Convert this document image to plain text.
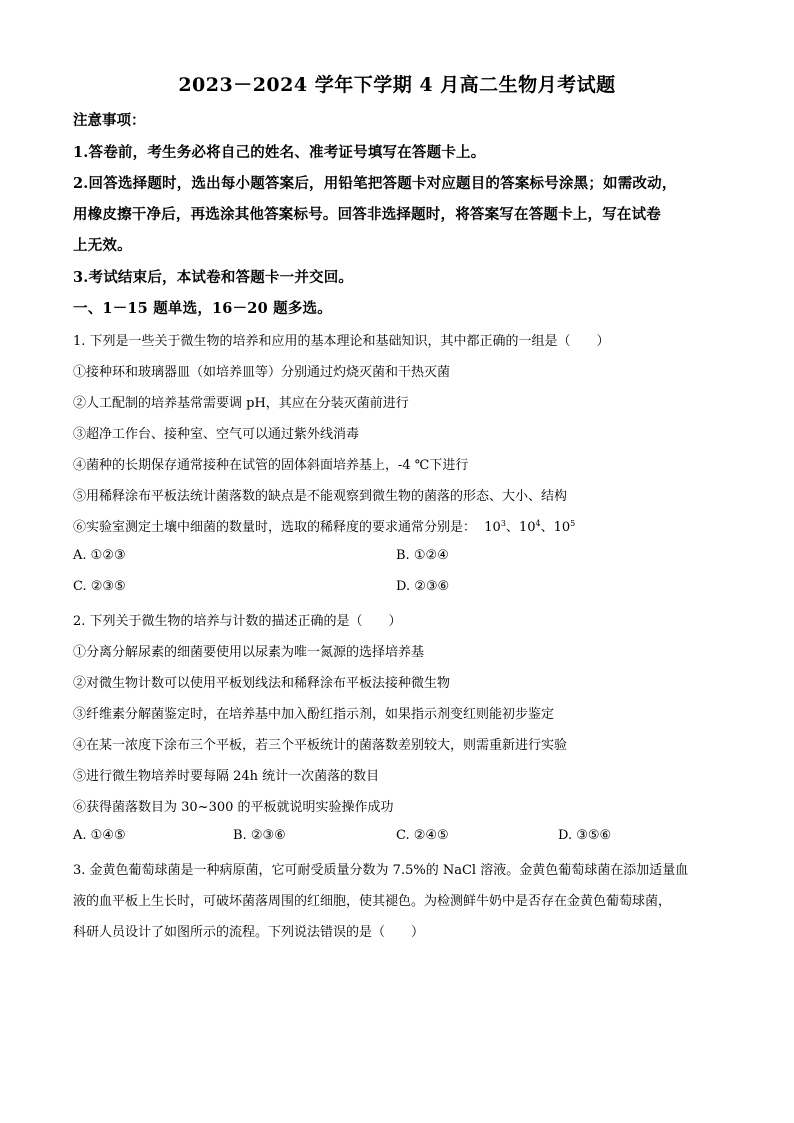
2023－2024 学年下学期 4 月高二生物月考试题
注意事项：
1.答卷前，考生务必将自己的姓名、准考证号填写在答题卡上。
2.回答选择题时，选出每小题答案后，用铅笔把答题卡对应题目的答案标号涂黑；如需改动，
用橡皮擦干净后，再选涂其他答案标号。回答非选择题时，将答案写在答题卡上，写在试卷
上无效。
3.考试结束后，本试卷和答题卡一并交回。
一、1－15 题单选，16－20 题多选。
1. 下列是一些关于微生物的培养和应用的基本理论和基础知识，其中都正确的一组是（　　）
①接种环和玻璃器皿（如培养皿等）分别通过灼烧灭菌和干热灭菌
②人工配制的培养基常需要调 pH，其应在分装灭菌前进行
③超净工作台、接种室、空气可以通过紫外线消毒
④菌种的长期保存通常接种在试管的固体斜面培养基上，-4 ℃下进行
⑤用稀释涂布平板法统计菌落数的缺点是不能观察到微生物的菌落的形态、大小、结构
⑥实验室测定土壤中细菌的数量时，选取的稀释度的要求通常分别是： $10^3$、$10^4$、$10^5$
A. ①②③	B. ①②④
C. ②③⑤	D. ②③⑥
2. 下列关于微生物的培养与计数的描述正确的是（　　）
①分离分解尿素的细菌要使用以尿素为唯一氮源的选择培养基
②对微生物计数可以使用平板划线法和稀释涂布平板法接种微生物
③纤维素分解菌鉴定时，在培养基中加入酚红指示剂，如果指示剂变红则能初步鉴定
④在某一浓度下涂布三个平板，若三个平板统计的菌落数差别较大，则需重新进行实验
⑤进行微生物培养时要每隔 24h 统计一次菌落的数目
⑥获得菌落数目为 30~300 的平板就说明实验操作成功
A. ①④⑤	B. ②③⑥	C. ②④⑤	D. ③⑤⑥
3. 金黄色葡萄球菌是一种病原菌，它可耐受质量分数为 7.5%的 NaCl 溶液。金黄色葡萄球菌在添加适量血
液的血平板上生长时，可破坏菌落周围的红细胞，使其褪色。为检测鲜牛奶中是否存在金黄色葡萄球菌，
科研人员设计了如图所示的流程。下列说法错误的是（　　）
